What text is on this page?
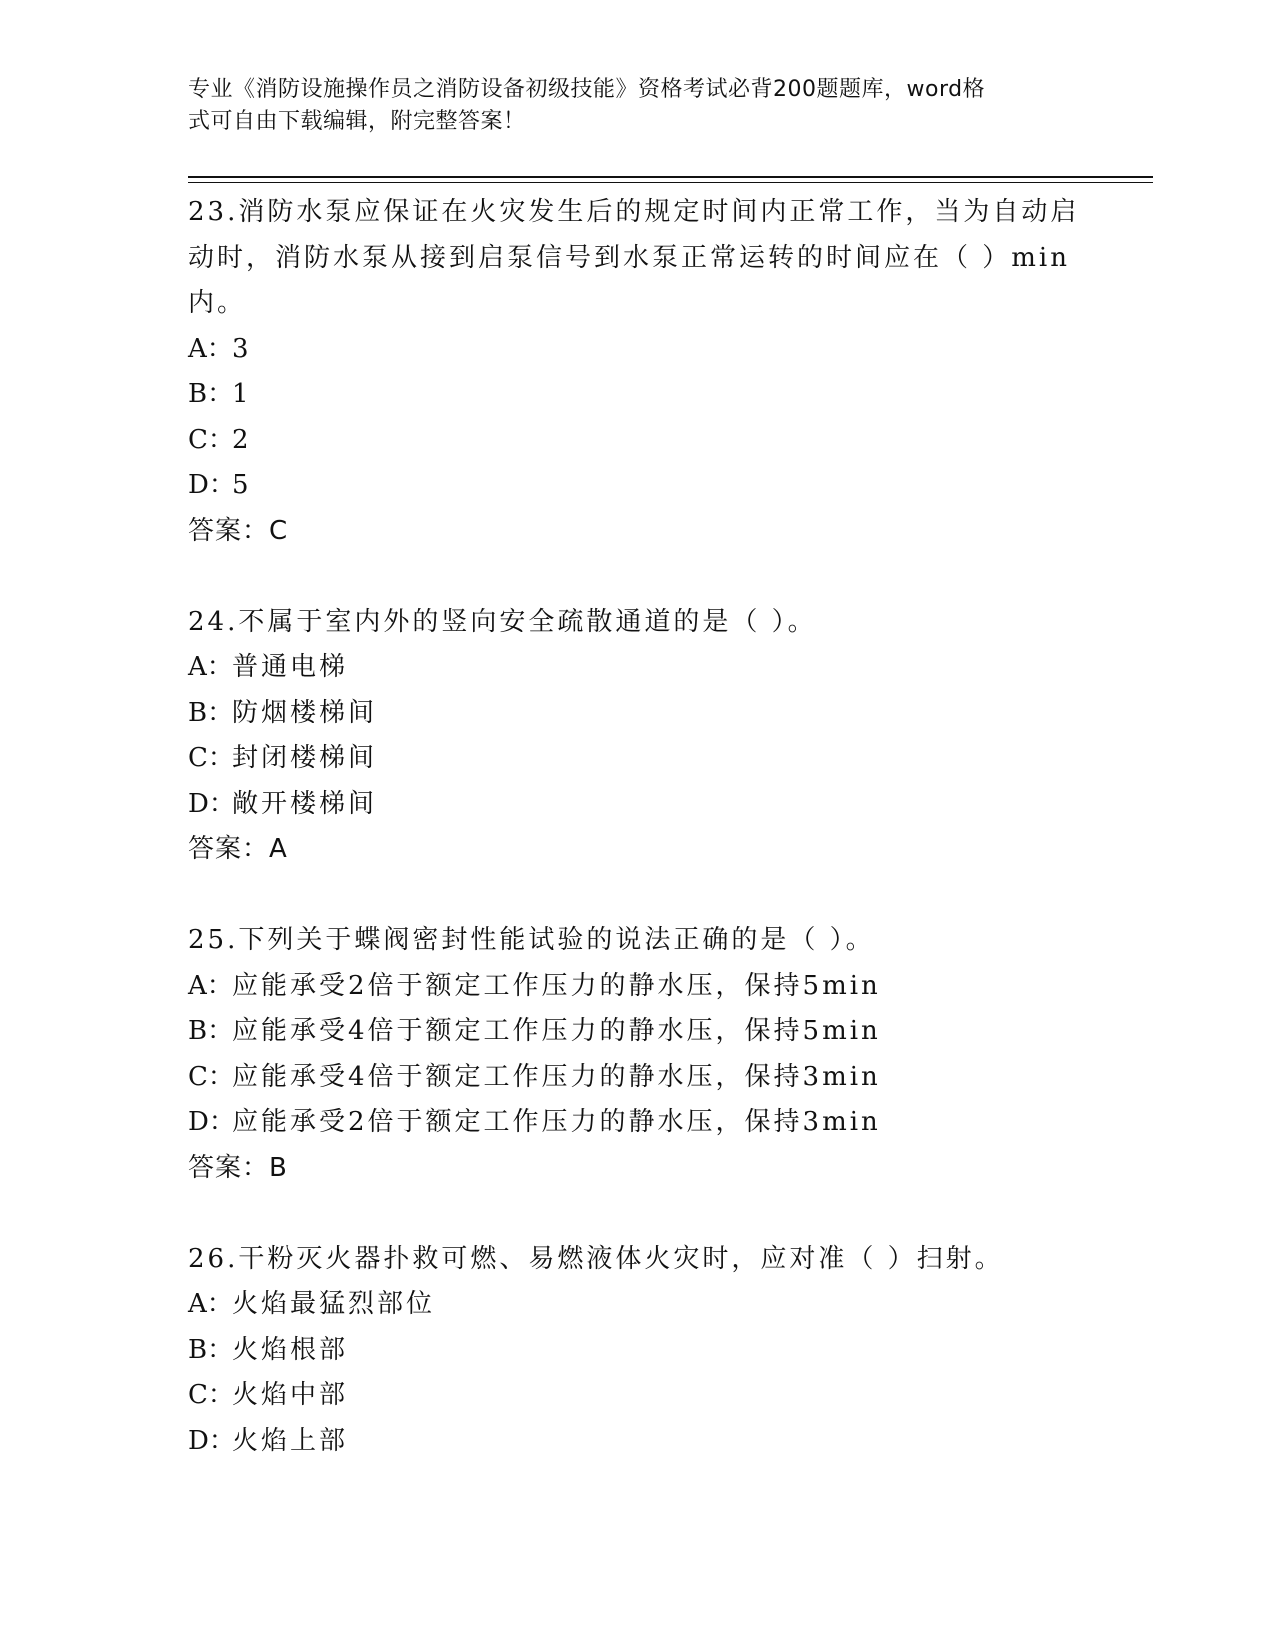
专业《消防设施操作员之消防设备初级技能》资格考试必背200题题库，word格
式可自由下载编辑，附完整答案！
23.消防水泵应保证在火灾发生后的规定时间内正常工作，当为自动启
动时，消防水泵从接到启泵信号到水泵正常运转的时间应在（ ）min
内。
A：3
B：1
C：2
D：5
答案：C
24.不属于室内外的竖向安全疏散通道的是（ ）。
A：普通电梯
B：防烟楼梯间
C：封闭楼梯间
D：敞开楼梯间
答案：A
25.下列关于蝶阀密封性能试验的说法正确的是（ ）。
A：应能承受2倍于额定工作压力的静水压，保持5min
B：应能承受4倍于额定工作压力的静水压，保持5min
C：应能承受4倍于额定工作压力的静水压，保持3min
D：应能承受2倍于额定工作压力的静水压，保持3min
答案：B
26.干粉灭火器扑救可燃、易燃液体火灾时，应对准（ ）扫射。
A：火焰最猛烈部位
B：火焰根部
C：火焰中部
D：火焰上部
